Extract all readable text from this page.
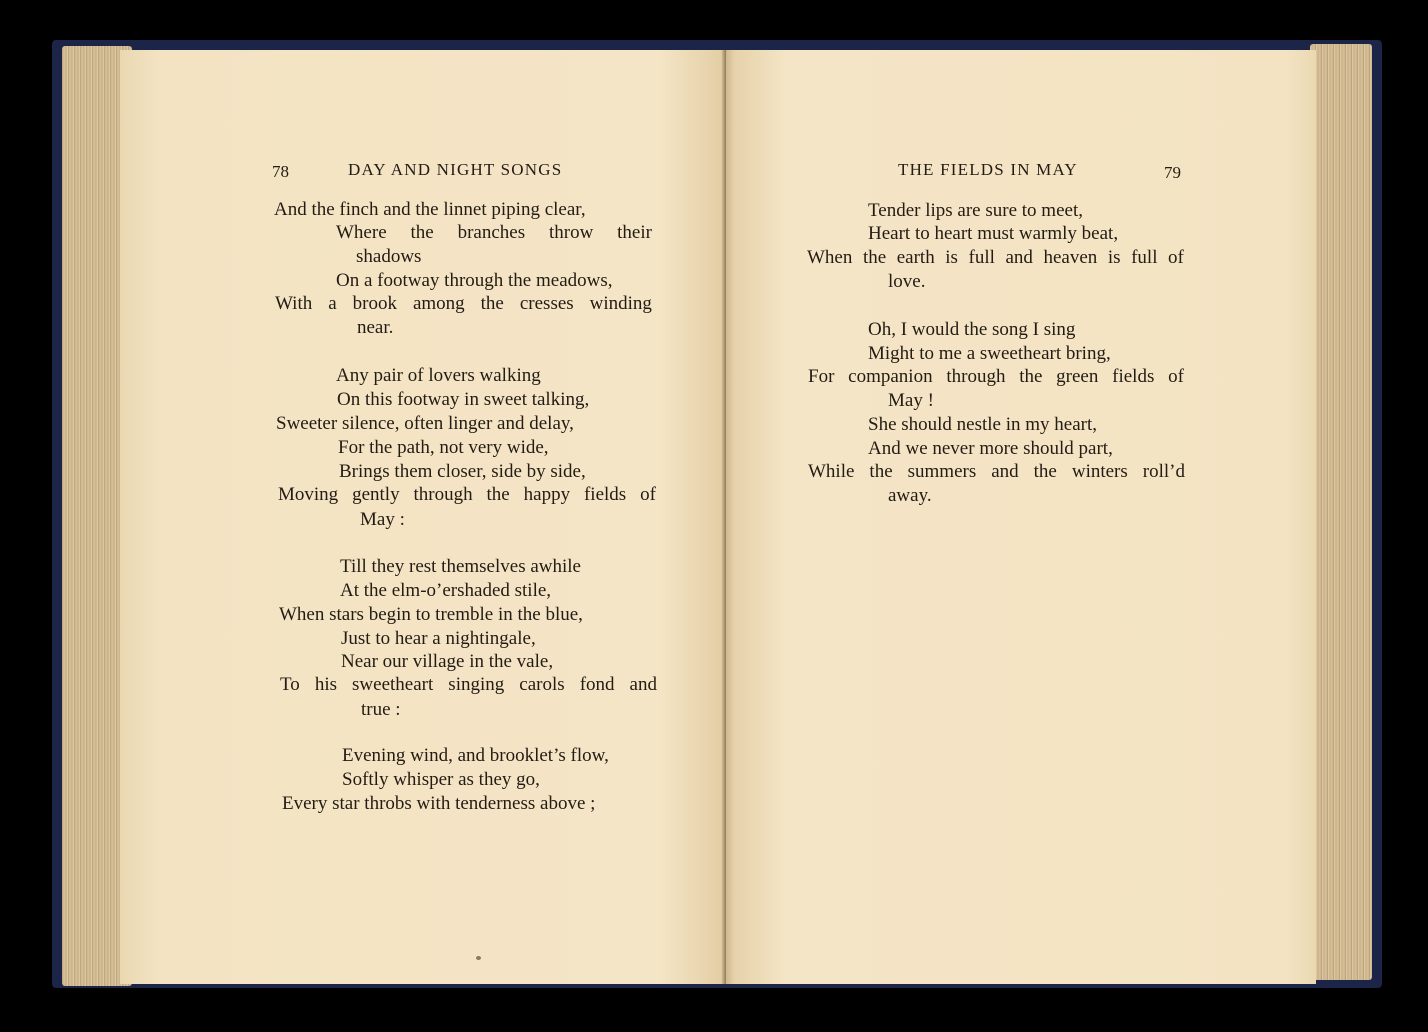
78	DAY AND NIGHT SONGS
And the finch and the linnet piping clear,
Where the branches throw their
shadows
On a footway through the meadows,
With a brook among the cresses winding
near.
Any pair of lovers walking
On this footway in sweet talking,
Sweeter silence, often linger and delay,
For the path, not very wide,
Brings them closer, side by side,
Moving gently through the happy fields of
May :
Till they rest themselves awhile
At the elm-o’ershaded stile,
When stars begin to tremble in the blue,
Just to hear a nightingale,
Near our village in the vale,
To his sweetheart singing carols fond and
true :
Evening wind, and brooklet’s flow,
Softly whisper as they go,
Every star throbs with tenderness above ;
THE FIELDS IN MAY	79
Tender lips are sure to meet,
Heart to heart must warmly beat,
When the earth is full and heaven is full of
love.
Oh, I would the song I sing
Might to me a sweetheart bring,
For companion through the green fields of
May !
She should nestle in my heart,
And we never more should part,
While the summers and the winters roll’d
away.
